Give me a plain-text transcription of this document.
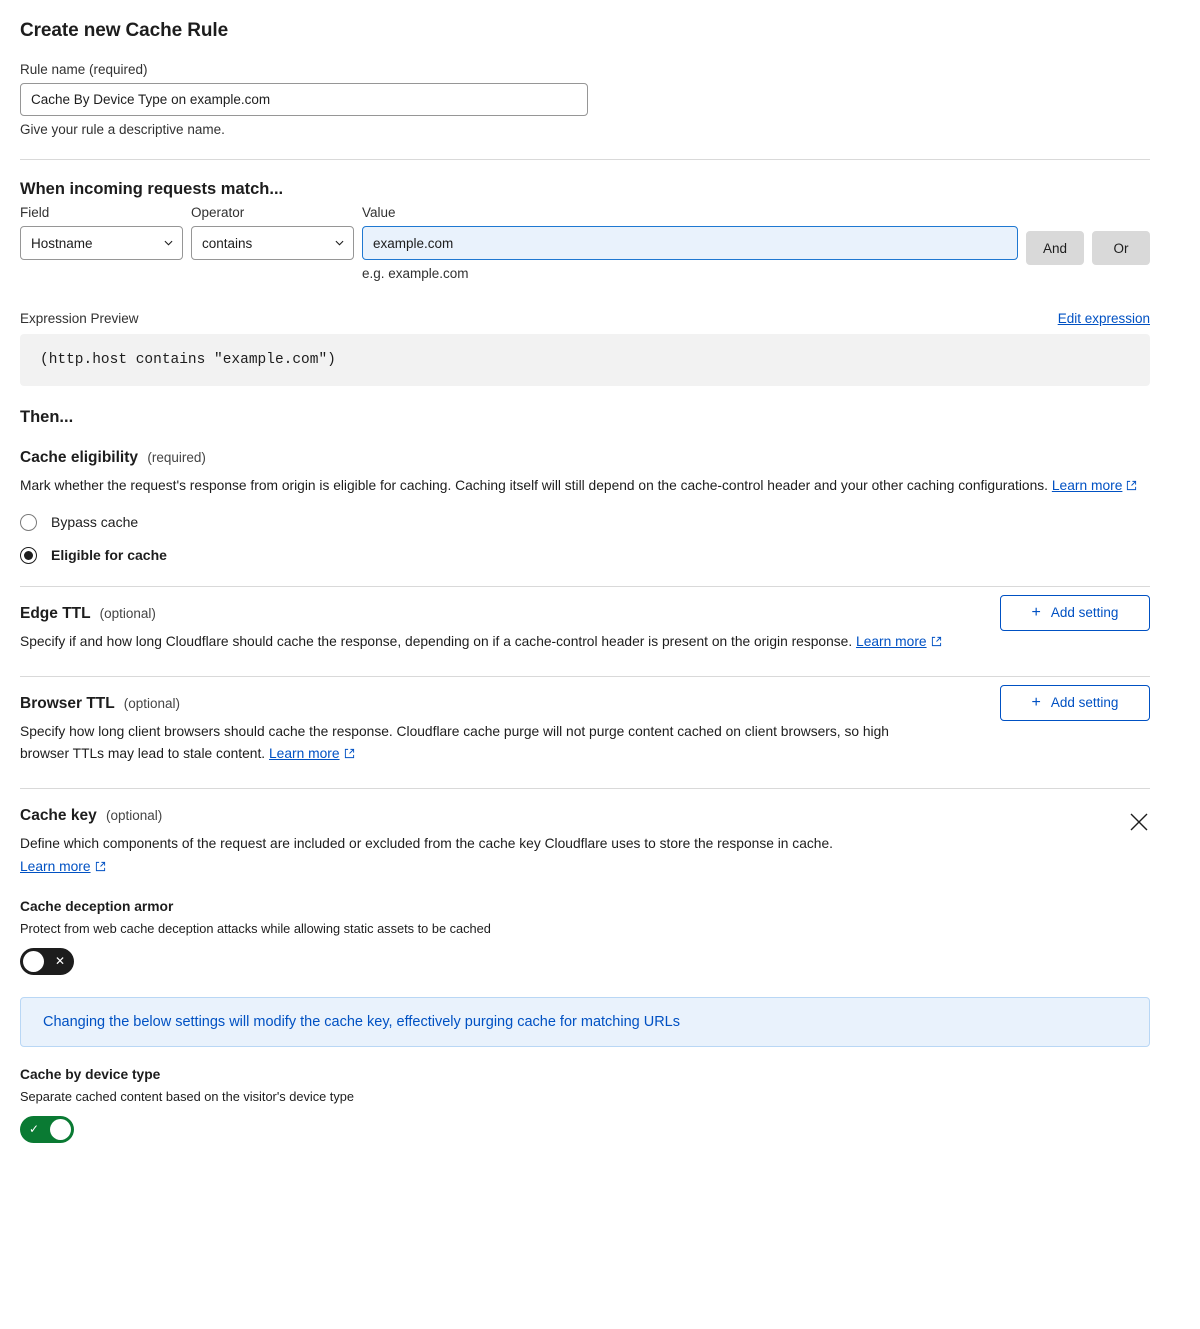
Create new Cache Rule
Rule name (required)
Cache By Device Type on example.com
Give your rule a descriptive name.
When incoming requests match...
Field
Hostname
Operator
contains
Value
example.com
e.g. example.com
And	Or
Expression Preview	Edit expression
(http.host contains "example.com")
Then...
Cache eligibility (required)
Mark whether the request's response from origin is eligible for caching. Caching itself will still depend on the cache-control header and your other caching configurations. Learn more
Bypass cache
Eligible for cache
Edge TTL (optional)
Specify if and how long Cloudflare should cache the response, depending on if a cache-control header is present on the origin response. Learn more
+ Add setting
Browser TTL (optional)
Specify how long client browsers should cache the response. Cloudflare cache purge will not purge content cached on client browsers, so high browser TTLs may lead to stale content. Learn more
+ Add setting
Cache key (optional)
Define which components of the request are included or excluded from the cache key Cloudflare uses to store the response in cache.
Learn more
Cache deception armor
Protect from web cache deception attacks while allowing static assets to be cached
✕
Changing the below settings will modify the cache key, effectively purging cache for matching URLs
Cache by device type
Separate cached content based on the visitor's device type
✓
